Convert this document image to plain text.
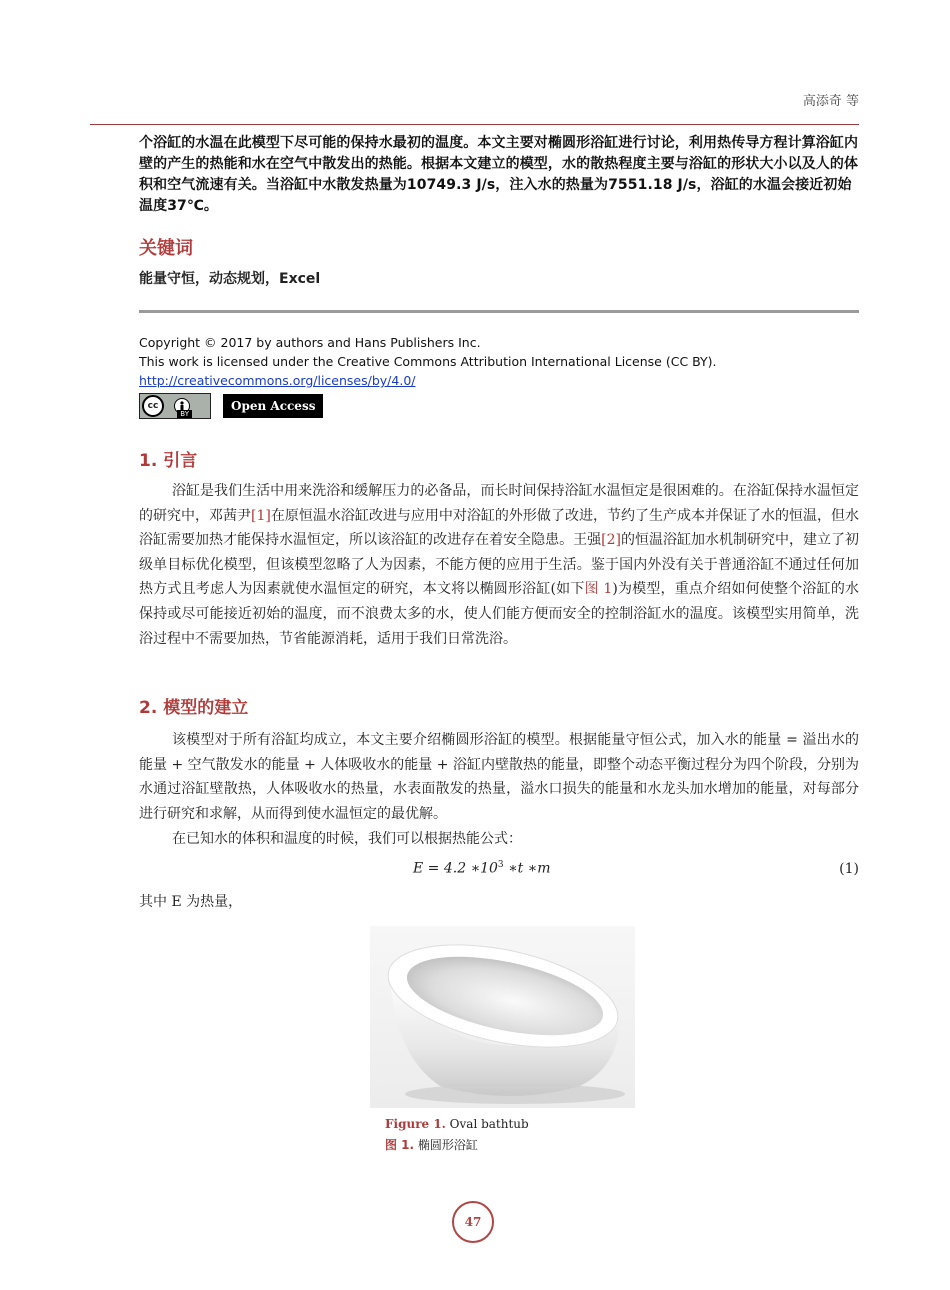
高添奇 等
个浴缸的水温在此模型下尽可能的保持水最初的温度。本文主要对椭圆形浴缸进行讨论，利用热传导方程计算浴缸内壁的产生的热能和水在空气中散发出的热能。根据本文建立的模型，水的散热程度主要与浴缸的形状大小以及人的体积和空气流速有关。当浴缸中水散发热量为10749.3 J/s，注入水的热量为7551.18 J/s，浴缸的水温会接近初始温度37℃。
关键词
能量守恒，动态规划，Excel
Copyright © 2017 by authors and Hans Publishers Inc.
This work is licensed under the Creative Commons Attribution International License (CC BY).
http://creativecommons.org/licenses/by/4.0/
cc
BY
Open Access
1. 引言
浴缸是我们生活中用来洗浴和缓解压力的必备品，而长时间保持浴缸水温恒定是很困难的。在浴缸保持水温恒定的研究中，邓茜尹[1]在原恒温水浴缸改进与应用中对浴缸的外形做了改进，节约了生产成本并保证了水的恒温，但水浴缸需要加热才能保持水温恒定，所以该浴缸的改进存在着安全隐患。王强[2]的恒温浴缸加水机制研究中，建立了初级单目标优化模型，但该模型忽略了人为因素，不能方便的应用于生活。鉴于国内外没有关于普通浴缸不通过任何加热方式且考虑人为因素就使水温恒定的研究，本文将以椭圆形浴缸(如下图 1)为模型，重点介绍如何使整个浴缸的水保持或尽可能接近初始的温度，而不浪费太多的水，使人们能方便而安全的控制浴缸水的温度。该模型实用简单，洗浴过程中不需要加热，节省能源消耗，适用于我们日常洗浴。
2. 模型的建立
该模型对于所有浴缸均成立，本文主要介绍椭圆形浴缸的模型。根据能量守恒公式，加入水的能量 = 溢出水的能量 + 空气散发水的能量 + 人体吸收水的能量 + 浴缸内壁散热的能量，即整个动态平衡过程分为四个阶段，分别为水通过浴缸壁散热，人体吸收水的热量，水表面散发的热量，溢水口损失的能量和水龙头加水增加的能量，对每部分进行研究和求解，从而得到使水温恒定的最优解。
在已知水的体积和温度的时候，我们可以根据热能公式：
E = 4.2 $∗10^3$ ∗t ∗m	(1)
其中 E 为热量，
Figure 1. Oval bathtub
图 1. 椭圆形浴缸
47
